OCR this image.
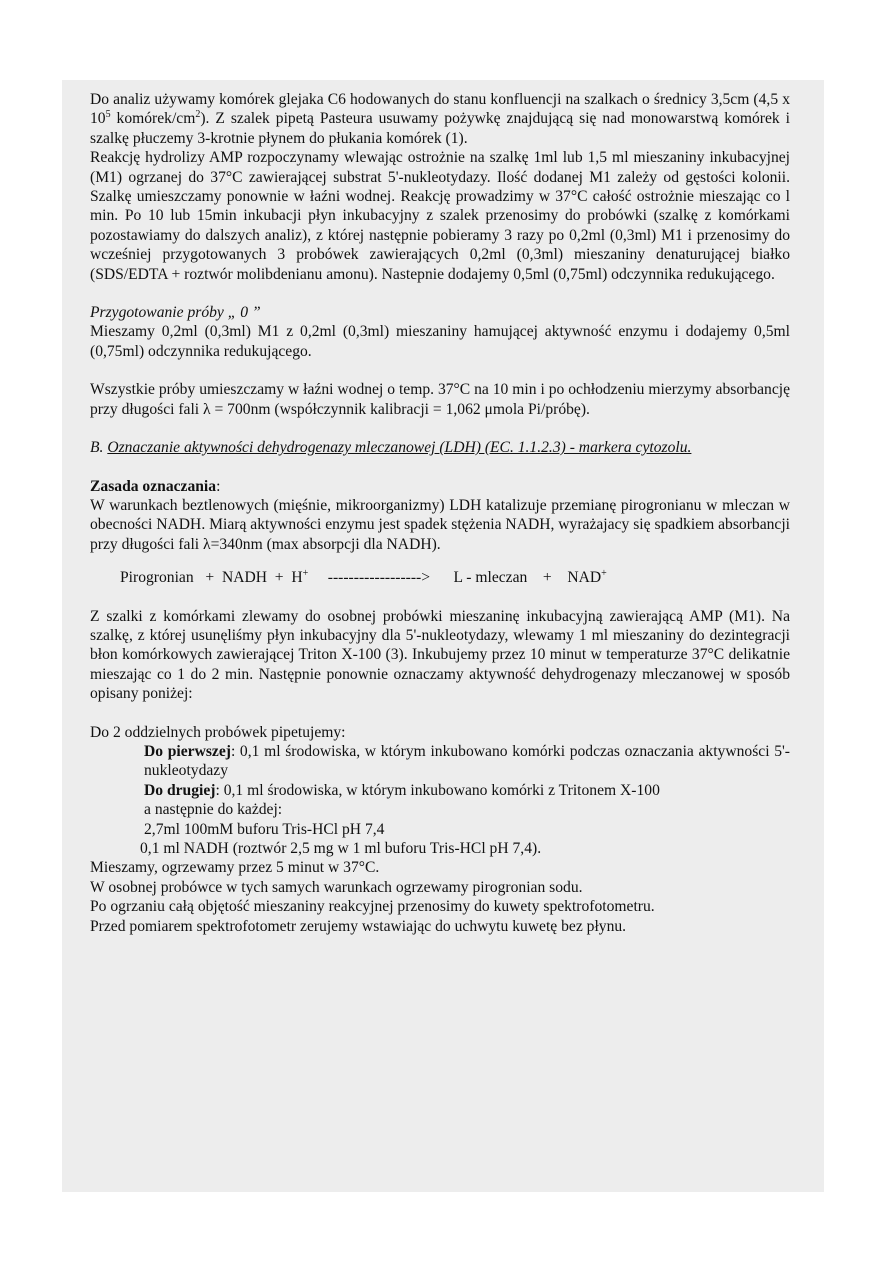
Do analiz używamy komórek glejaka C6 hodowanych do stanu konfluencji na szalkach o średnicy 3,5cm (4,5 x $10^5$ komórek/$cm^2$). Z szalek pipetą Pasteura usuwamy pożywkę znajdującą się nad monowarstwą komórek i szalkę płuczemy 3-krotnie płynem do płukania komórek (1).

Reakcję hydrolizy AMP rozpoczynamy wlewając ostrożnie na szalkę 1ml lub 1,5 ml mieszaniny inkubacyjnej (M1) ogrzanej do 37°C zawierającej substrat 5'-nukleotydazy. Ilość dodanej M1 zależy od gęstości kolonii. Szalkę umieszczamy ponownie w łaźni wodnej. Reakcję prowadzimy w 37°C całość ostrożnie mieszając co l min. Po 10 lub 15min inkubacji płyn inkubacyjny z szalek przenosimy do probówki (szalkę z komórkami pozostawiamy do dalszych analiz), z której następnie pobieramy 3 razy po 0,2ml (0,3ml) M1 i przenosimy do wcześniej przygotowanych 3 probówek zawierających 0,2ml (0,3ml) mieszaniny denaturującej białko (SDS/EDTA + roztwór molibdenianu amonu). Nastepnie dodajemy 0,5ml (0,75ml) odczynnika redukującego.

Przygotowanie próby „ 0 ”

Mieszamy 0,2ml (0,3ml) M1 z 0,2ml (0,3ml) mieszaniny hamującej aktywność enzymu i dodajemy 0,5ml (0,75ml) odczynnika redukującego.

Wszystkie próby umieszczamy w łaźni wodnej o temp. 37°C na 10 min i po ochłodzeniu mierzymy absorbancję przy długości fali λ = 700nm (współczynnik kalibracji = 1,062 μmola Pi/próbę).

B. Oznaczanie aktywności dehydrogenazy mleczanowej (LDH) (EC. 1.1.2.3) - markera cytozolu.

Zasada oznaczania:

W warunkach beztlenowych (mięśnie, mikroorganizmy) LDH katalizuje przemianę pirogronianu w mleczan w obecności NADH. Miarą aktywności enzymu jest spadek stężenia NADH, wyrażajacy się spadkiem absorbancji przy długości fali λ=340nm (max absorpcji dla NADH).

Pirogronian
+
NADH
+
H+
------------------>
L - mleczan
+
NAD+

Z szalki z komórkami zlewamy do osobnej probówki mieszaninę inkubacyjną zawierającą AMP (M1). Na szalkę, z której usunęliśmy płyn inkubacyjny dla 5'-nukleotydazy, wlewamy 1 ml mieszaniny do dezintegracji błon komórkowych zawierającej Triton X-100 (3). Inkubujemy przez 10 minut w temperaturze 37°C delikatnie mieszając co 1 do 2 min. Następnie ponownie oznaczamy aktywność dehydrogenazy mleczanowej w sposób opisany poniżej:

Do 2 oddzielnych probówek pipetujemy:

Do pierwszej: 0,1 ml środowiska, w którym inkubowano komórki podczas oznaczania aktywności 5'-nukleotydazy

Do drugiej: 0,1 ml środowiska, w którym inkubowano komórki z Tritonem X-100

a następnie do każdej:

2,7ml 100mM buforu Tris-HCl pH 7,4

0,1 ml NADH (roztwór 2,5 mg w 1 ml buforu Tris-HCl pH 7,4).

Mieszamy, ogrzewamy przez 5 minut w 37°C.

W osobnej probówce w tych samych warunkach ogrzewamy pirogronian sodu.

Po ogrzaniu całą objętość mieszaniny reakcyjnej przenosimy do kuwety spektrofotometru.

Przed pomiarem spektrofotometr zerujemy wstawiając do uchwytu kuwetę bez płynu.
